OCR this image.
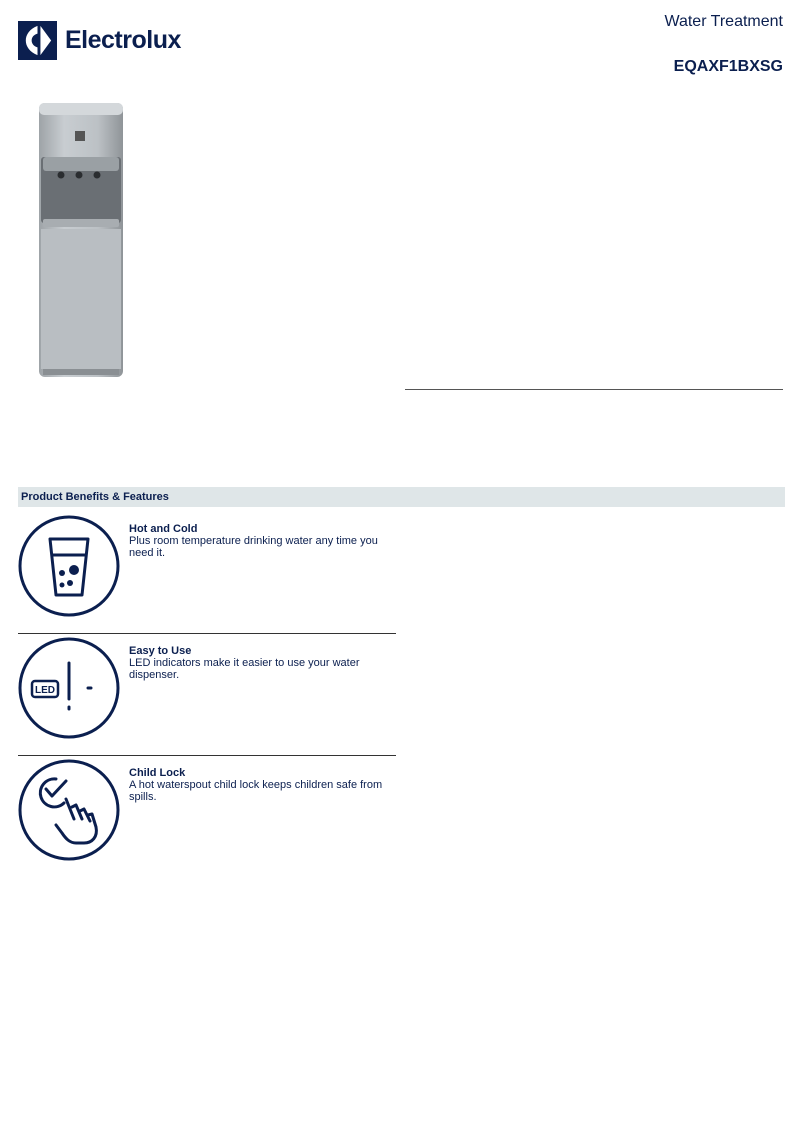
Electrolux
Water Treatment
EQAXF1BXSG
Product Benefits & Features
Hot and Cold
Plus room temperature drinking water any time you need it.
LED
Easy to Use
LED indicators make it easier to use your water dispenser.
Child Lock
A hot waterspout child lock keeps children safe from spills.
